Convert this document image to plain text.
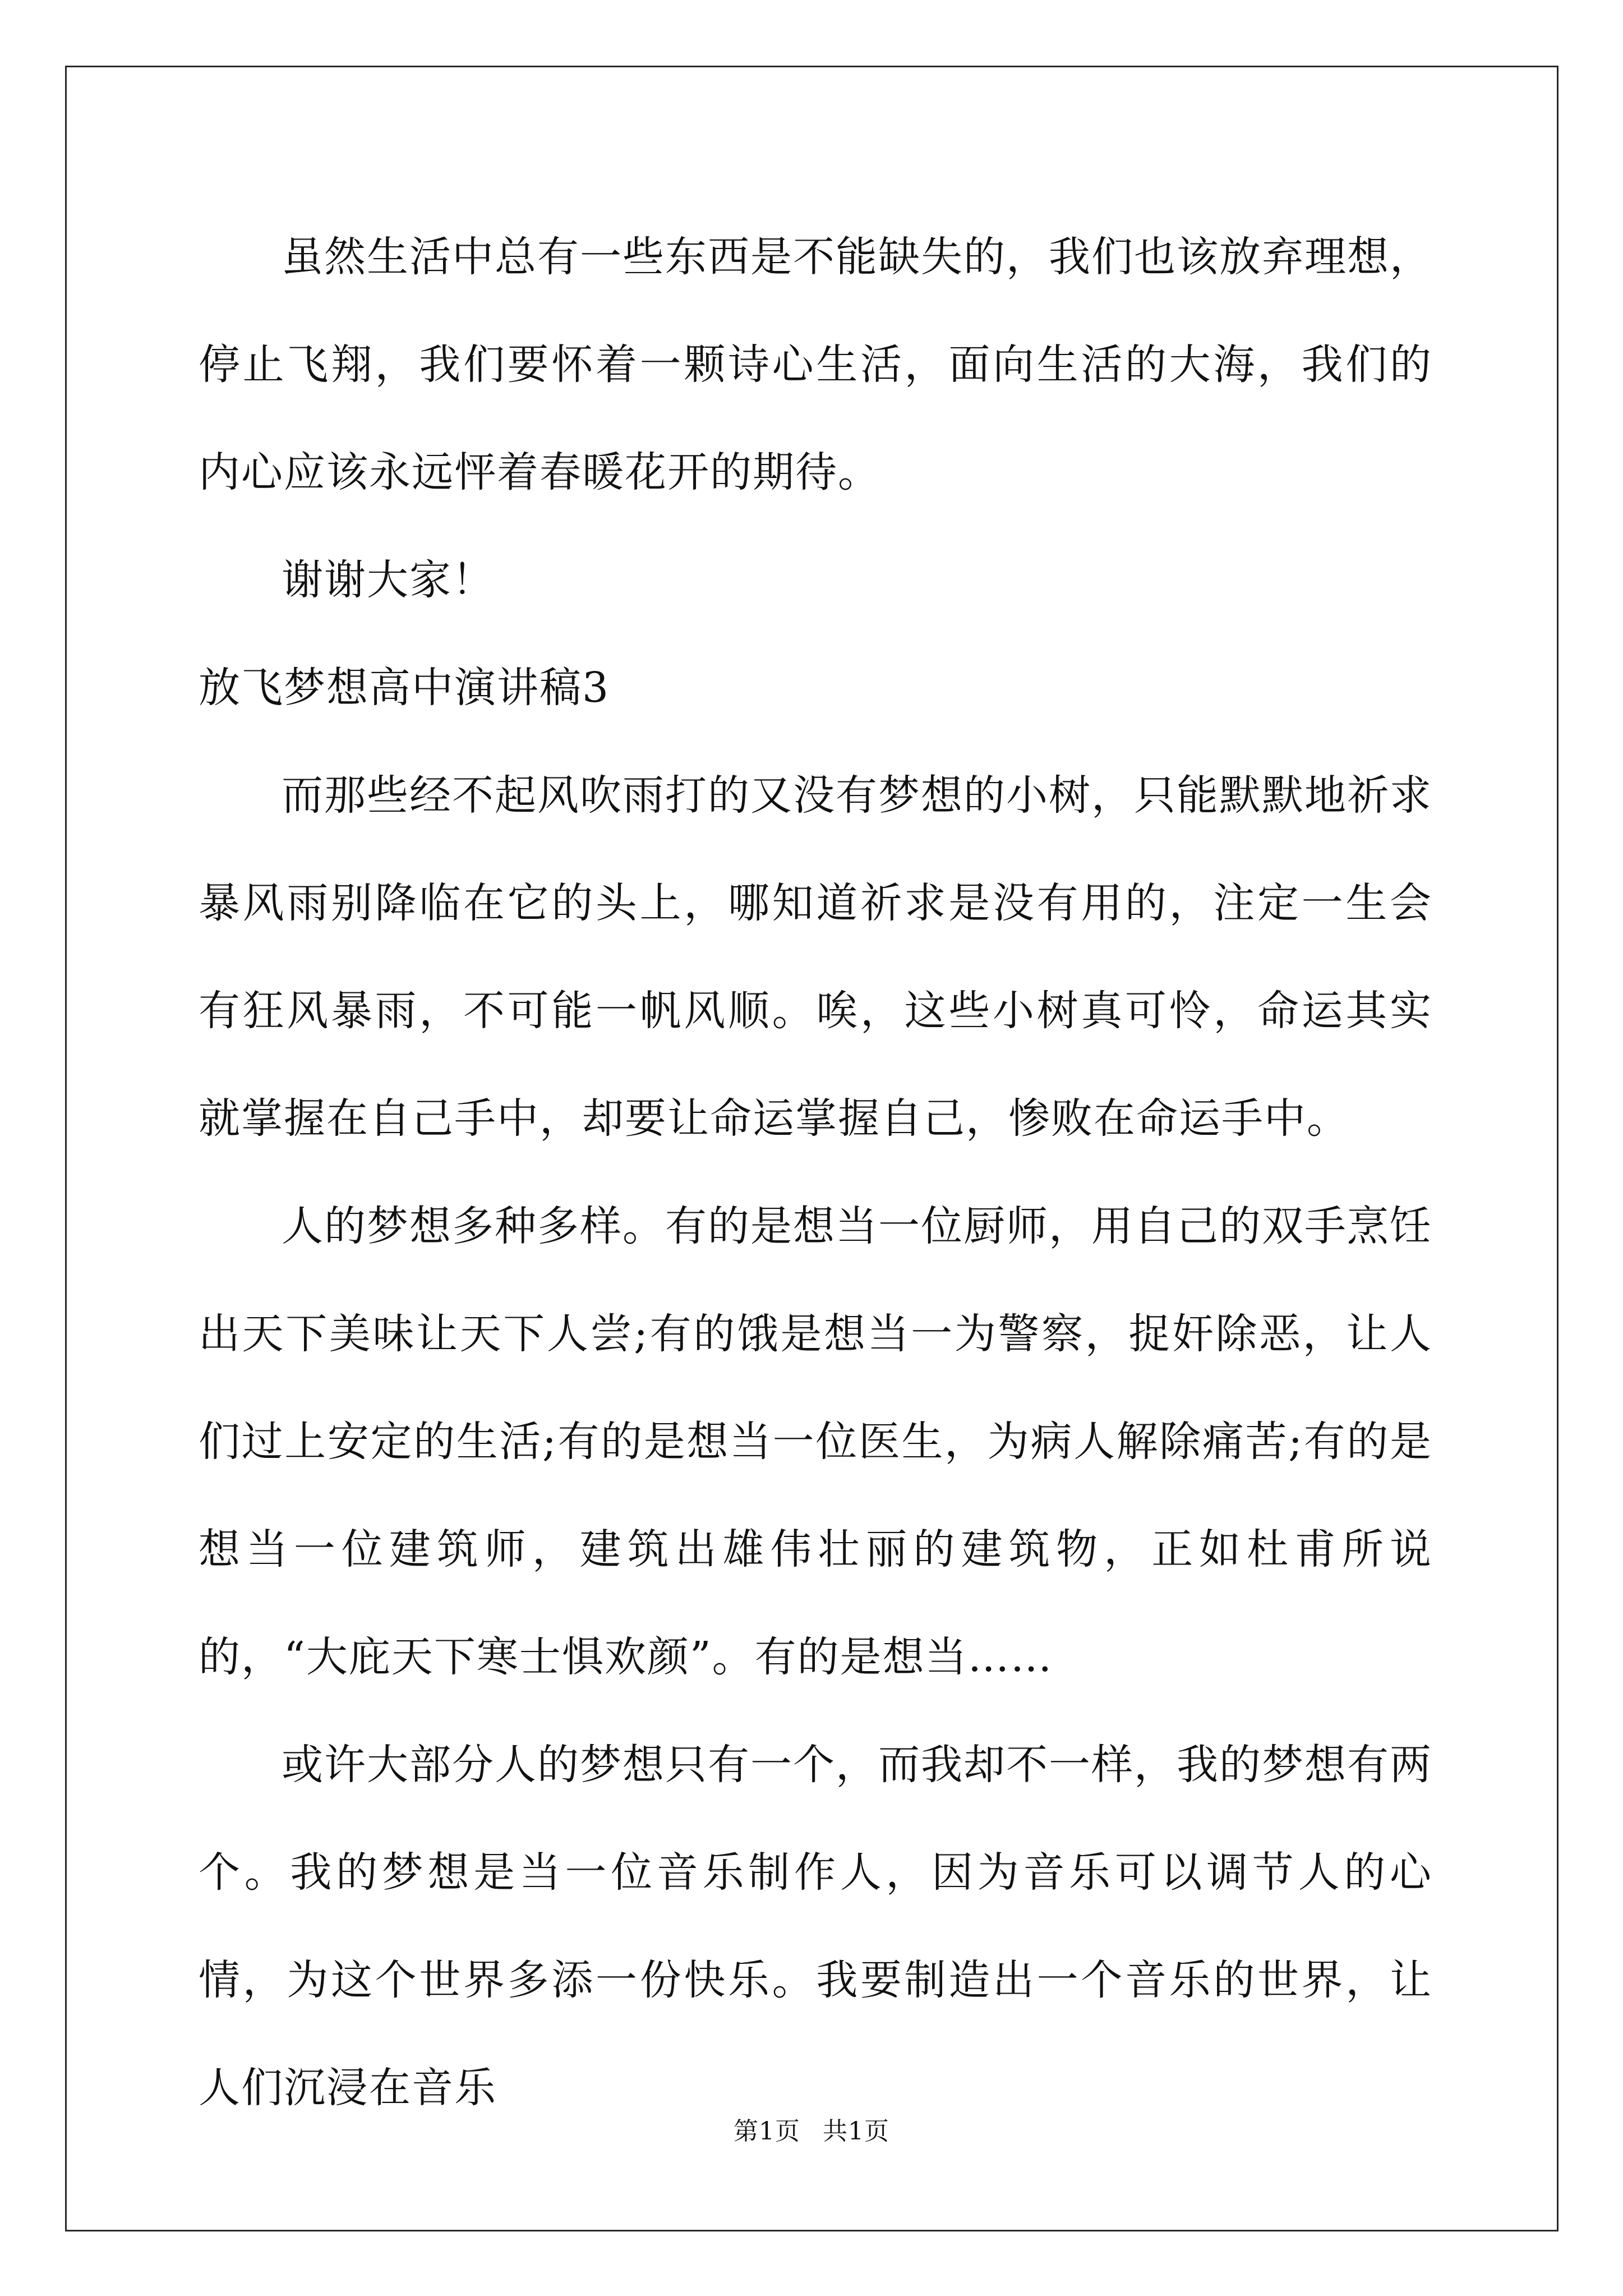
虽然生活中总有一些东西是不能缺失的，我们也该放弃理想，停止飞翔，我们要怀着一颗诗心生活，面向生活的大海，我们的内心应该永远怦着春暖花开的期待。

谢谢大家！

放飞梦想高中演讲稿3

而那些经不起风吹雨打的又没有梦想的小树，只能默默地祈求暴风雨别降临在它的头上，哪知道祈求是没有用的，注定一生会有狂风暴雨，不可能一帆风顺。唉，这些小树真可怜，命运其实就掌握在自己手中，却要让命运掌握自己，惨败在命运手中。

人的梦想多种多样。有的是想当一位厨师，用自己的双手烹饪出天下美味让天下人尝;有的饿是想当一为警察，捉奸除恶，让人们过上安定的生活;有的是想当一位医生，为病人解除痛苦;有的是想当一位建筑师，建筑出雄伟壮丽的建筑物，正如杜甫所说的，“大庇天下寒士惧欢颜”。有的是想当……

或许大部分人的梦想只有一个，而我却不一样，我的梦想有两个。我的梦想是当一位音乐制作人，因为音乐可以调节人的心情，为这个世界多添一份快乐。我要制造出一个音乐的世界，让人们沉浸在音乐

第1页 共1页
